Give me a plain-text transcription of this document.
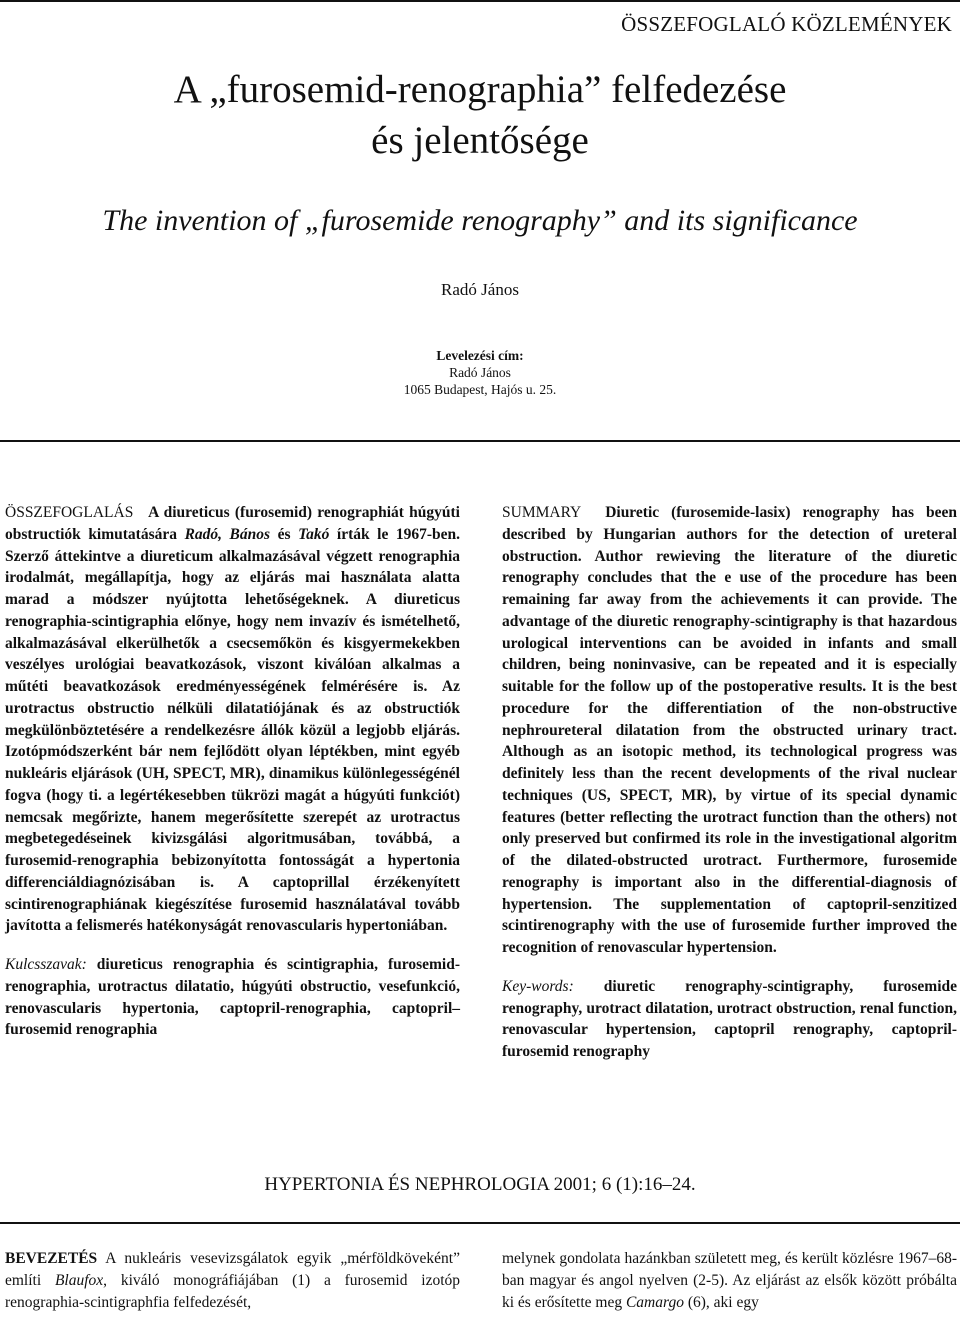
ÖSSZEFOGLALÓ KÖZLEMÉNYEK
A „furosemid-renographia” felfedezése
és jelentősége
The invention of „furosemide renography” and its significance
Radó János
Levelezési cím:
Radó János
1065 Budapest, Hajós u. 25.

ÖSSZEFOGLALÁS A diureticus (furosemid) renographiát húgyúti obstructiók kimutatására Radó, Bános és Takó írták le 1967-ben. Szerző áttekintve a diureticum alkalmazásával végzett renographia irodalmát, megállapítja, hogy az eljárás mai használata alatta marad a módszer nyújtotta lehetőségeknek. A diureticus renographia-scintigraphia előnye, hogy nem invazív és ismételhető, alkalmazásával elkerülhetők a csecsemőkön és kisgyermekekben veszélyes urológiai beavatkozások, viszont kiválóan alkalmas a műtéti beavatkozások eredményességének felmérésére is. Az urotractus obstructio nélküli dilatatiójának és az obstructiók megkülönböztetésére a rendelkezésre állók közül a legjobb eljárás. Izotópmódszerként bár nem fejlődött olyan léptékben, mint egyéb nukleáris eljárások (UH, SPECT, MR), dinamikus különlegességénél fogva (hogy ti. a legértékesebben tükrözi magát a húgyúti funkciót) nemcsak megőrizte, hanem megerősítette szerepét az urotractus megbetegedéseinek kivizsgálási algoritmusában, továbbá, a furosemid-renographia bebizonyította fontosságát a hypertonia differenciáldiagnózisában is. A captoprillal érzékenyített scintirenographiának kiegészítése furosemid használatával tovább javította a felismerés hatékonyságát renovascularis hypertoniában.

Kulcsszavak: diureticus renographia és scintigraphia, furosemid-renographia, urotractus dilatatio, húgyúti obstructio, vesefunkció, renovascularis hypertonia, captopril-renographia, captopril–furosemid renographia

SUMMARY Diuretic (furosemide-lasix) renography has been described by Hungarian authors for the detection of ureteral obstruction. Author rewieving the literature of the diuretic renography concludes that the e use of the procedure has been remaining far away from the achievements it can provide. The advantage of the diuretic renography-scintigraphy is that hazardous urological interventions can be avoided in infants and small children, being noninvasive, can be repeated and it is especially suitable for the follow up of the postoperative results. It is the best procedure for the differentiation of the non-obstructive nephroureteral dilatation from the obstructed urinary tract. Although as an isotopic method, its technological progress was definitely less than the recent developments of the rival nuclear techniques (US, SPECT, MR), by virtue of its special dynamic features (better reflecting the urotract function than the others) not only preserved but confirmed its role in the investigational algoritm of the dilated-obstructed urotract. Furthermore, furosemide renography is important also in the differential-diagnosis of hypertension. The supplementation of captopril-senzitized scintirenography with the use of furosemide further improved the recognition of renovascular hypertension.

Key-words: diuretic renography-scintigraphy, furosemide renography, urotract dilatation, urotract obstruction, renal function, renovascular hypertension, captopril renography, captopril-furosemid renography

HYPERTONIA ÉS NEPHROLOGIA 2001; 6 (1):16–24.

BEVEZETÉS A nukleáris vesevizsgálatok egyik „mérföldköveként” említi Blaufox, kiváló monográfiájában (1) a furosemid izotóp renographia-scintigraphfia felfedezését,

melynek gondolata hazánkban született meg, és került közlésre 1967–68-ban magyar és angol nyelven (2-5). Az eljárást az elsők között próbálta ki és erősítette meg Camargo (6), aki egy
